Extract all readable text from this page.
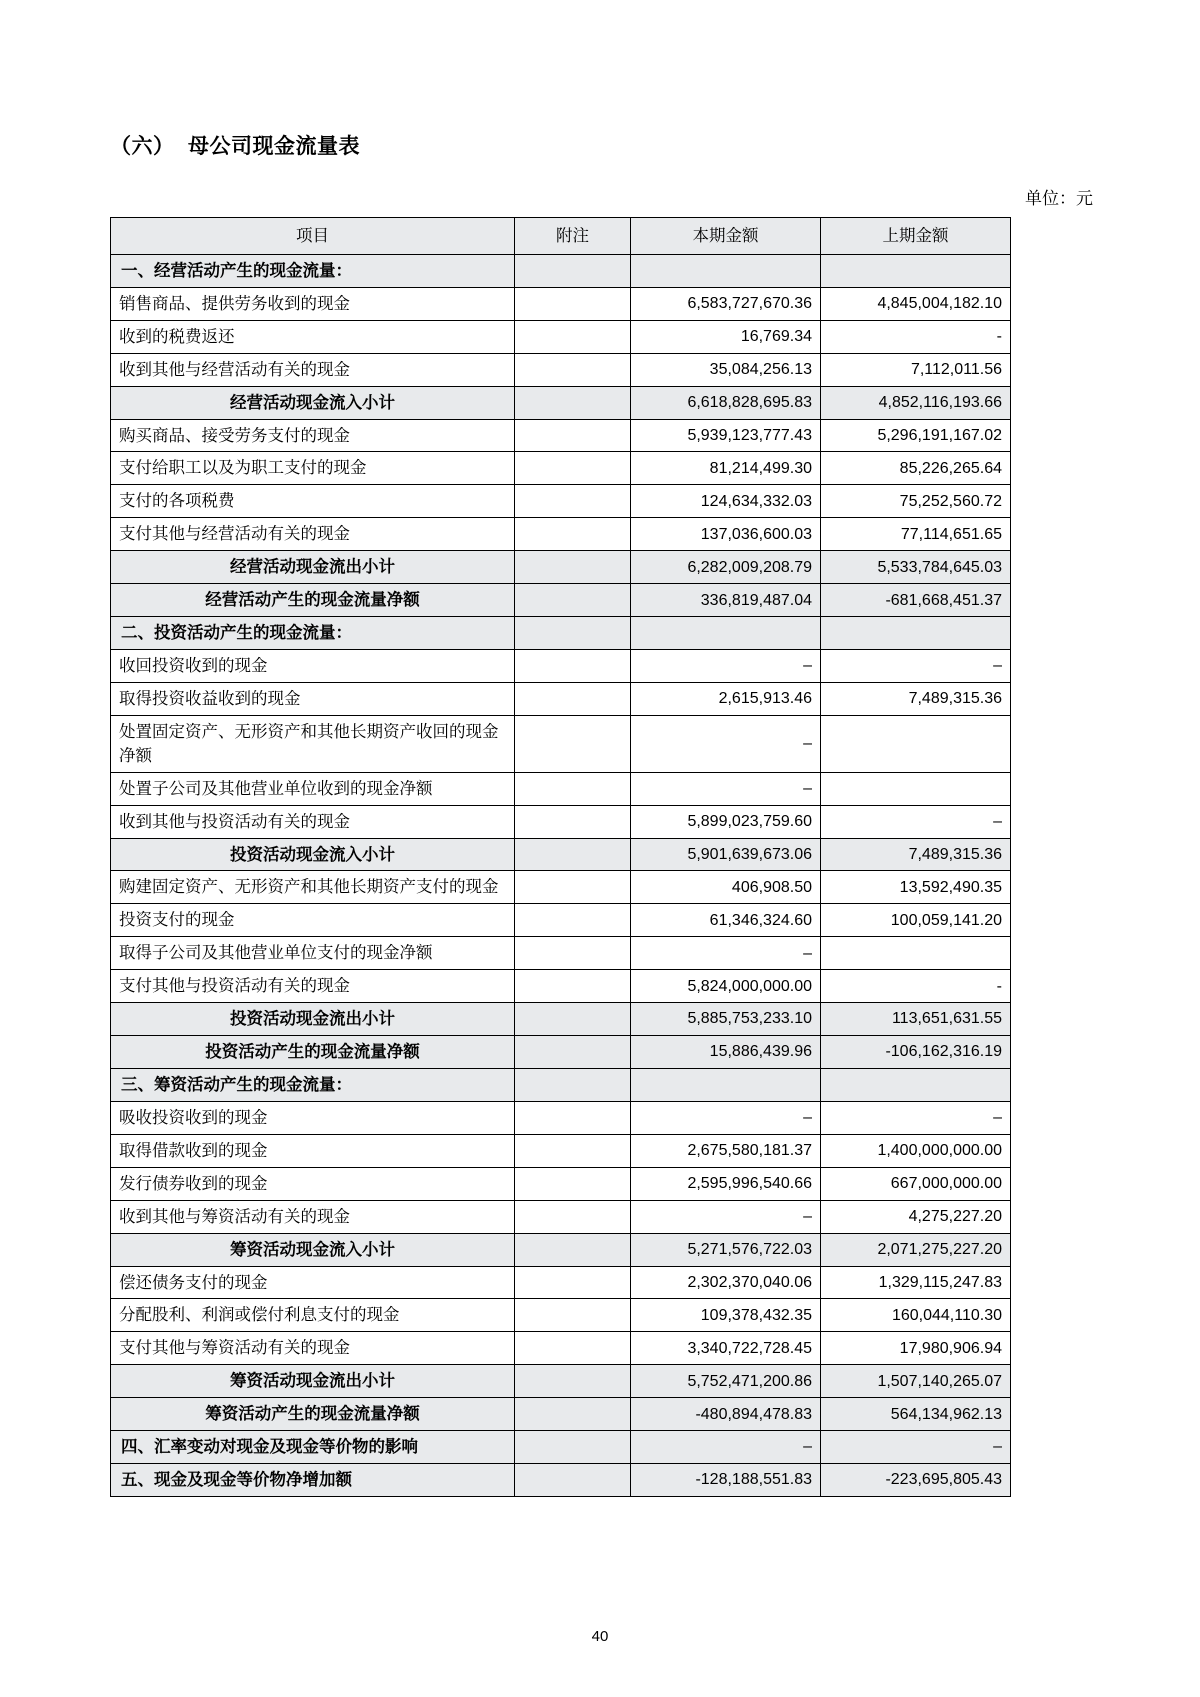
（六） 母公司现金流量表
单位：元
项目	附注	本期金额	上期金额
一、经营活动产生的现金流量：			
销售商品、提供劳务收到的现金		6,583,727,670.36	4,845,004,182.10
收到的税费返还		16,769.34	-
收到其他与经营活动有关的现金		35,084,256.13	7,112,011.56
经营活动现金流入小计		6,618,828,695.83	4,852,116,193.66
购买商品、接受劳务支付的现金		5,939,123,777.43	5,296,191,167.02
支付给职工以及为职工支付的现金		81,214,499.30	85,226,265.64
支付的各项税费		124,634,332.03	75,252,560.72
支付其他与经营活动有关的现金		137,036,600.03	77,114,651.65
经营活动现金流出小计		6,282,009,208.79	5,533,784,645.03
经营活动产生的现金流量净额		336,819,487.04	-681,668,451.37
二、投资活动产生的现金流量：			
收回投资收到的现金		–	–
取得投资收益收到的现金		2,615,913.46	7,489,315.36
处置固定资产、无形资产和其他长期资产收回的现金净额		–	
处置子公司及其他营业单位收到的现金净额		–	
收到其他与投资活动有关的现金		5,899,023,759.60	–
投资活动现金流入小计		5,901,639,673.06	7,489,315.36
购建固定资产、无形资产和其他长期资产支付的现金		406,908.50	13,592,490.35
投资支付的现金		61,346,324.60	100,059,141.20
取得子公司及其他营业单位支付的现金净额		–	
支付其他与投资活动有关的现金		5,824,000,000.00	-
投资活动现金流出小计		5,885,753,233.10	113,651,631.55
投资活动产生的现金流量净额		15,886,439.96	-106,162,316.19
三、筹资活动产生的现金流量：			
吸收投资收到的现金		–	–
取得借款收到的现金		2,675,580,181.37	1,400,000,000.00
发行债券收到的现金		2,595,996,540.66	667,000,000.00
收到其他与筹资活动有关的现金		–	4,275,227.20
筹资活动现金流入小计		5,271,576,722.03	2,071,275,227.20
偿还债务支付的现金		2,302,370,040.06	1,329,115,247.83
分配股利、利润或偿付利息支付的现金		109,378,432.35	160,044,110.30
支付其他与筹资活动有关的现金		3,340,722,728.45	17,980,906.94
筹资活动现金流出小计		5,752,471,200.86	1,507,140,265.07
筹资活动产生的现金流量净额		-480,894,478.83	564,134,962.13
四、汇率变动对现金及现金等价物的影响		–	–
五、现金及现金等价物净增加额		-128,188,551.83	-223,695,805.43
40
